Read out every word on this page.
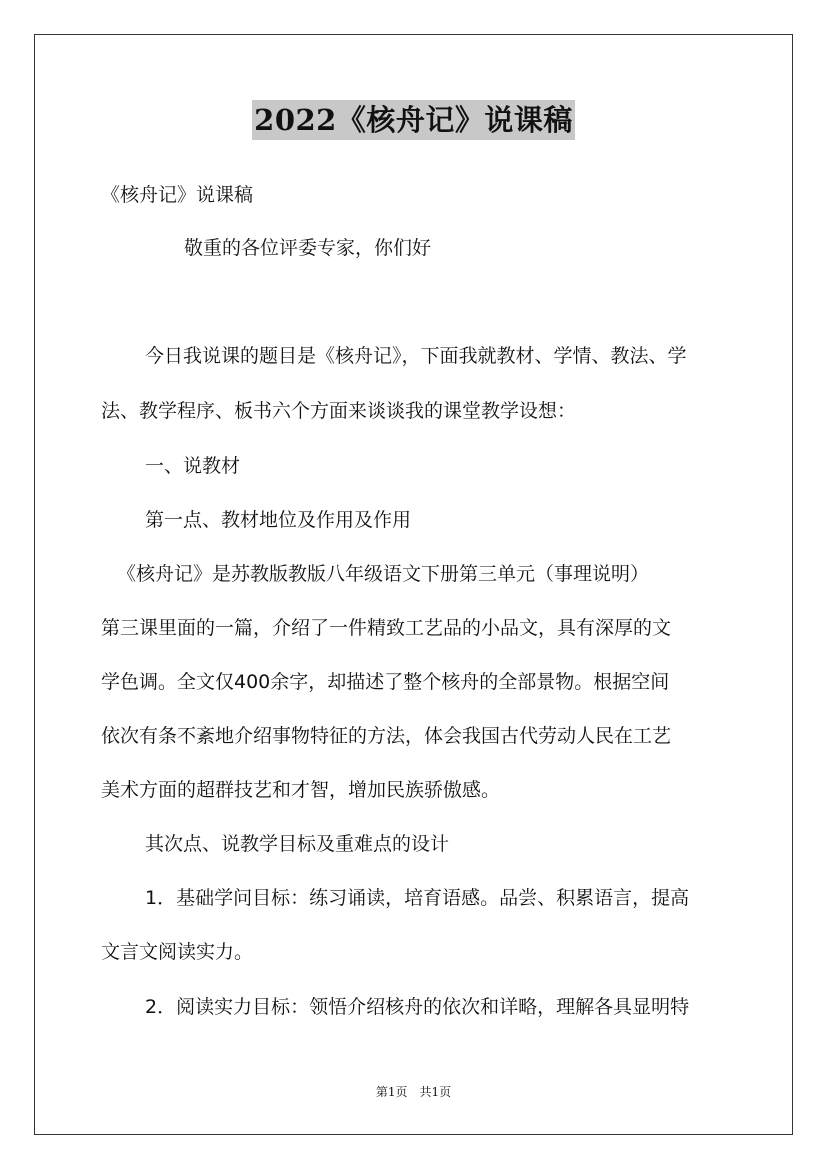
2022《核舟记》说课稿
《核舟记》说课稿
敬重的各位评委专家，你们好
今日我说课的题目是《核舟记》，下面我就教材、学情、教法、学
法、教学程序、板书六个方面来谈谈我的课堂教学设想：
一、说教材
第一点、教材地位及作用及作用
《核舟记》是苏教版教版八年级语文下册第三单元（事理说明）
第三课里面的一篇，介绍了一件精致工艺品的小品文，具有深厚的文
学色调。全文仅400余字，却描述了整个核舟的全部景物。根据空间
依次有条不紊地介绍事物特征的方法，体会我国古代劳动人民在工艺
美术方面的超群技艺和才智，增加民族骄傲感。
其次点、说教学目标及重难点的设计
1．基础学问目标：练习诵读，培育语感。品尝、积累语言，提高
文言文阅读实力。
2．阅读实力目标：领悟介绍核舟的依次和详略，理解各具显明特
第1页　共1页
